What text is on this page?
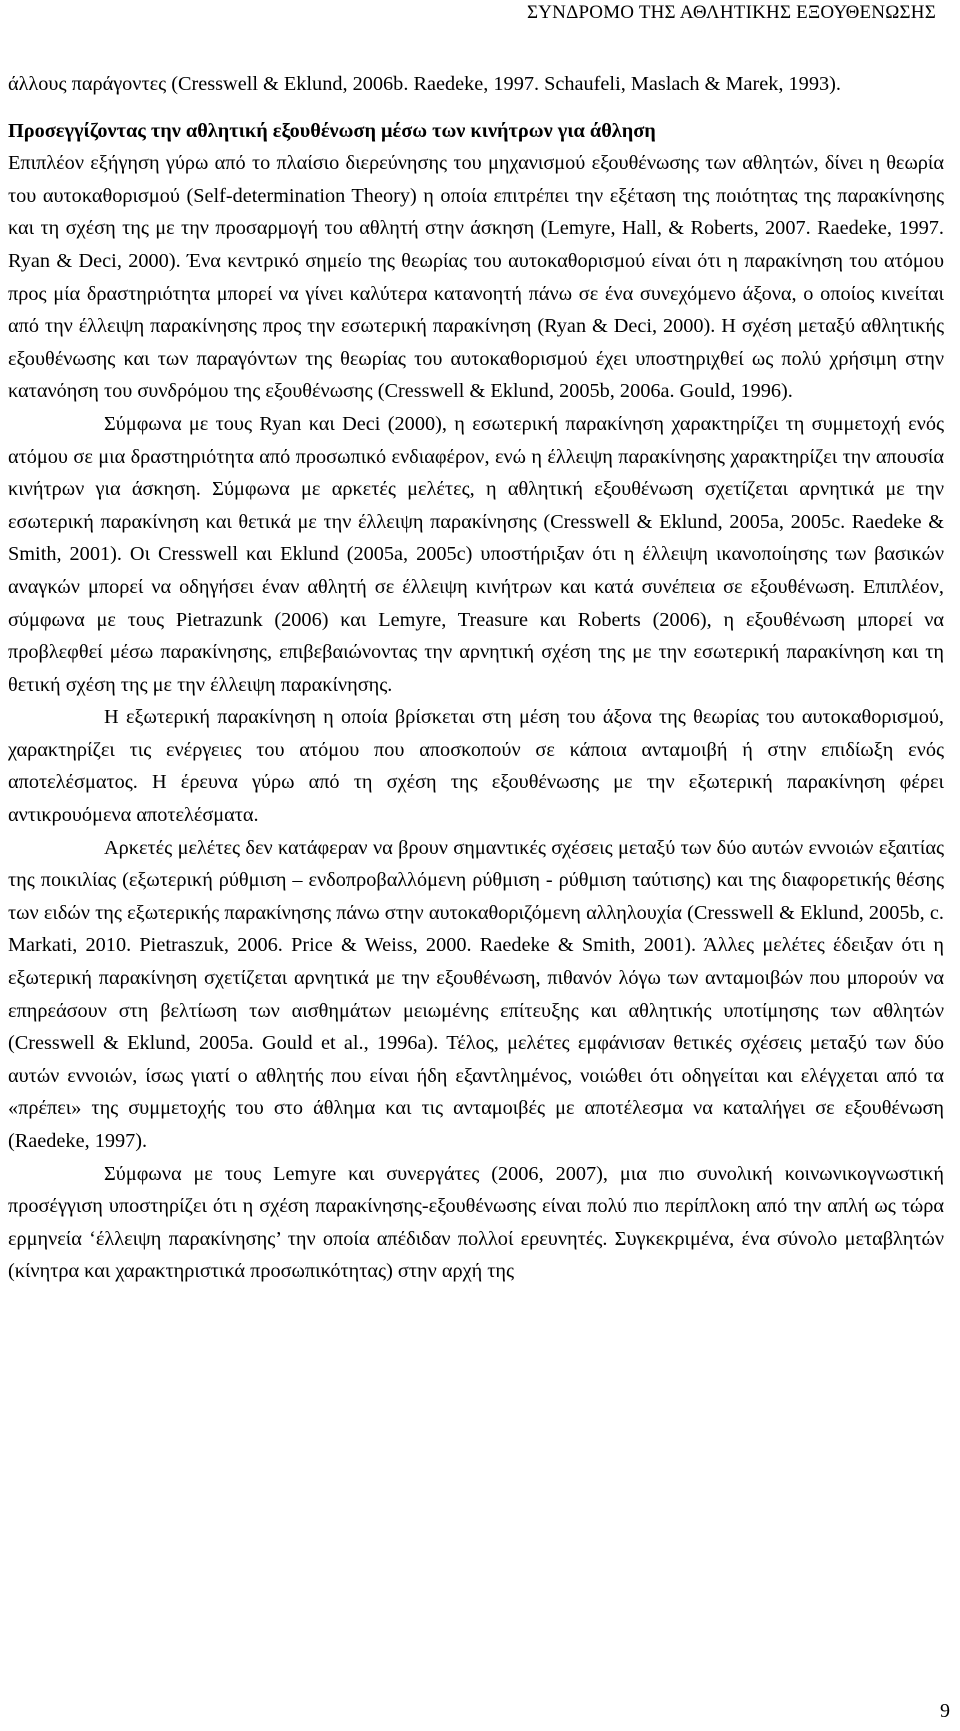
ΣΥΝΔΡΟΜΟ ΤΗΣ ΑΘΛΗΤΙΚΗΣ ΕΞΟΥΘΕΝΩΣΗΣ

άλλους παράγοντες (Cresswell & Eklund, 2006b. Raedeke, 1997. Schaufeli, Maslach & Marek, 1993).

Προσεγγίζοντας την αθλητική εξουθένωση μέσω των κινήτρων για άθληση

Επιπλέον εξήγηση γύρω από το πλαίσιο διερεύνησης του μηχανισμού εξουθένωσης των αθλητών, δίνει η θεωρία του αυτοκαθορισμού (Self-determination Theory) η οποία επιτρέπει την εξέταση της ποιότητας της παρακίνησης και τη σχέση της με την προσαρμογή του αθλητή στην άσκηση (Lemyre, Hall, & Roberts, 2007. Raedeke, 1997. Ryan & Deci, 2000). Ένα κεντρικό σημείο της θεωρίας του αυτοκαθορισμού είναι ότι η παρακίνηση του ατόμου προς μία δραστηριότητα μπορεί να γίνει καλύτερα κατανοητή πάνω σε ένα συνεχόμενο άξονα, ο οποίος κινείται από την έλλειψη παρακίνησης προς την εσωτερική παρακίνηση (Ryan & Deci, 2000). Η σχέση μεταξύ αθλητικής εξουθένωσης και των παραγόντων της θεωρίας του αυτοκαθορισμού έχει υποστηριχθεί ως πολύ χρήσιμη στην κατανόηση του συνδρόμου της εξουθένωσης (Cresswell & Eklund, 2005b, 2006a. Gould, 1996).

Σύμφωνα με τους Ryan και Deci (2000), η εσωτερική παρακίνηση χαρακτηρίζει τη συμμετοχή ενός ατόμου σε μια δραστηριότητα από προσωπικό ενδιαφέρον, ενώ η έλλειψη παρακίνησης χαρακτηρίζει την απουσία κινήτρων για άσκηση. Σύμφωνα με αρκετές μελέτες, η αθλητική εξουθένωση σχετίζεται αρνητικά με την εσωτερική παρακίνηση και θετικά με την έλλειψη παρακίνησης (Cresswell & Eklund, 2005a, 2005c. Raedeke & Smith, 2001). Οι Cresswell και Eklund (2005a, 2005c) υποστήριξαν ότι η έλλειψη ικανοποίησης των βασικών αναγκών μπορεί να οδηγήσει έναν αθλητή σε έλλειψη κινήτρων και κατά συνέπεια σε εξουθένωση. Επιπλέον, σύμφωνα με τους Pietrazunk (2006) και Lemyre, Treasure και Roberts (2006), η εξουθένωση μπορεί να προβλεφθεί μέσω παρακίνησης, επιβεβαιώνοντας την αρνητική σχέση της με την εσωτερική παρακίνηση και τη θετική σχέση της με την έλλειψη παρακίνησης.

Η εξωτερική παρακίνηση η οποία βρίσκεται στη μέση του άξονα της θεωρίας του αυτοκαθορισμού, χαρακτηρίζει τις ενέργειες του ατόμου που αποσκοπούν σε κάποια ανταμοιβή ή στην επιδίωξη ενός αποτελέσματος. Η έρευνα γύρω από τη σχέση της εξουθένωσης με την εξωτερική παρακίνηση φέρει αντικρουόμενα αποτελέσματα.

Αρκετές μελέτες δεν κατάφεραν να βρουν σημαντικές σχέσεις μεταξύ των δύο αυτών εννοιών εξαιτίας της ποικιλίας (εξωτερική ρύθμιση – ενδοπροβαλλόμενη ρύθμιση - ρύθμιση ταύτισης) και της διαφορετικής θέσης των ειδών της εξωτερικής παρακίνησης πάνω στην αυτοκαθοριζόμενη αλληλουχία (Cresswell & Eklund, 2005b, c. Markati, 2010. Pietraszuk, 2006. Price & Weiss, 2000. Raedeke & Smith, 2001). Άλλες μελέτες έδειξαν ότι η εξωτερική παρακίνηση σχετίζεται αρνητικά με την εξουθένωση, πιθανόν λόγω των ανταμοιβών που μπορούν να επηρεάσουν στη βελτίωση των αισθημάτων μειωμένης επίτευξης και αθλητικής υποτίμησης των αθλητών (Cresswell & Eklund, 2005a. Gould et al., 1996a). Τέλος, μελέτες εμφάνισαν θετικές σχέσεις μεταξύ των δύο αυτών εννοιών, ίσως γιατί ο αθλητής που είναι ήδη εξαντλημένος, νοιώθει ότι οδηγείται και ελέγχεται από τα «πρέπει» της συμμετοχής του στο άθλημα και τις ανταμοιβές με αποτέλεσμα να καταλήγει σε εξουθένωση (Raedeke, 1997).

Σύμφωνα με τους Lemyre και συνεργάτες (2006, 2007), μια πιο συνολική κοινωνικογνωστική προσέγγιση υποστηρίζει ότι η σχέση παρακίνησης-εξουθένωσης είναι πολύ πιο περίπλοκη από την απλή ως τώρα ερμηνεία ‘έλλειψη παρακίνησης’ την οποία απέδιδαν πολλοί ερευνητές. Συγκεκριμένα, ένα σύνολο μεταβλητών (κίνητρα και χαρακτηριστικά προσωπικότητας) στην αρχή της

9
